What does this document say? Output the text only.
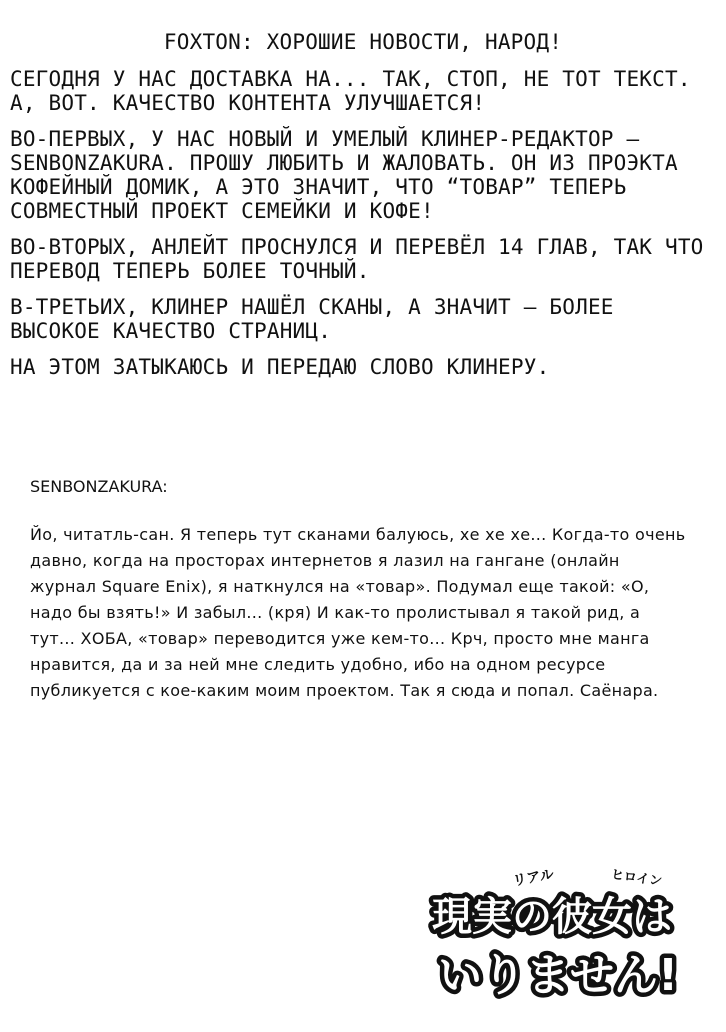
FOXTON: ХОРОШИЕ НОВОСТИ, НАРОД!

СЕГОДНЯ У НАС ДОСТАВКА НА... ТАК, СТОП, НЕ ТОТ ТЕКСТ. А, ВОТ. КАЧЕСТВО КОНТЕНТА УЛУЧШАЕТСЯ!

ВО-ПЕРВЫХ, У НАС НОВЫЙ И УМЕЛЫЙ КЛИНЕР-РЕДАКТОР – SENBONZAKURA. ПРОШУ ЛЮБИТЬ И ЖАЛОВАТЬ. ОН ИЗ ПРОЭКТА КОФЕЙНЫЙ ДОМИК, А ЭТО ЗНАЧИТ, ЧТО “ТОВАР” ТЕПЕРЬ СОВМЕСТНЫЙ ПРОЕКТ СЕМЕЙКИ И КОФЕ!

ВО-ВТОРЫХ, АНЛЕЙТ ПРОСНУЛСЯ И ПЕРЕВЁЛ 14 ГЛАВ, ТАК ЧТО ПЕРЕВОД ТЕПЕРЬ БОЛЕЕ ТОЧНЫЙ.

В-ТРЕТЬИХ, КЛИНЕР НАШЁЛ СКАНЫ, А ЗНАЧИТ – БОЛЕЕ ВЫСОКОЕ КАЧЕСТВО СТРАНИЦ.

НА ЭТОМ ЗАТЫКАЮСЬ И ПЕРЕДАЮ СЛОВО КЛИНЕРУ.

SENBONZAKURA:

Йо, читатль-сан. Я теперь тут сканами балуюсь, хе хе хе... Когда-то очень давно, когда на просторах интернетов я лазил на гангане (онлайн журнал Square Enix), я наткнулся на «товар». Подумал еще такой: «О, надо бы взять!» И забыл... (кря) И как-то пролистывал я такой рид, а тут... ХОБА, «товар» переводится уже кем-то... Крч, просто мне манга нравится, да и за ней мне следить удобно, ибо на одном ресурсе публикуется с кое-каким моим проектом. Так я сюда и попал. Саёнара.

リアル	ヒロイン
現実の彼女は
いりません!
